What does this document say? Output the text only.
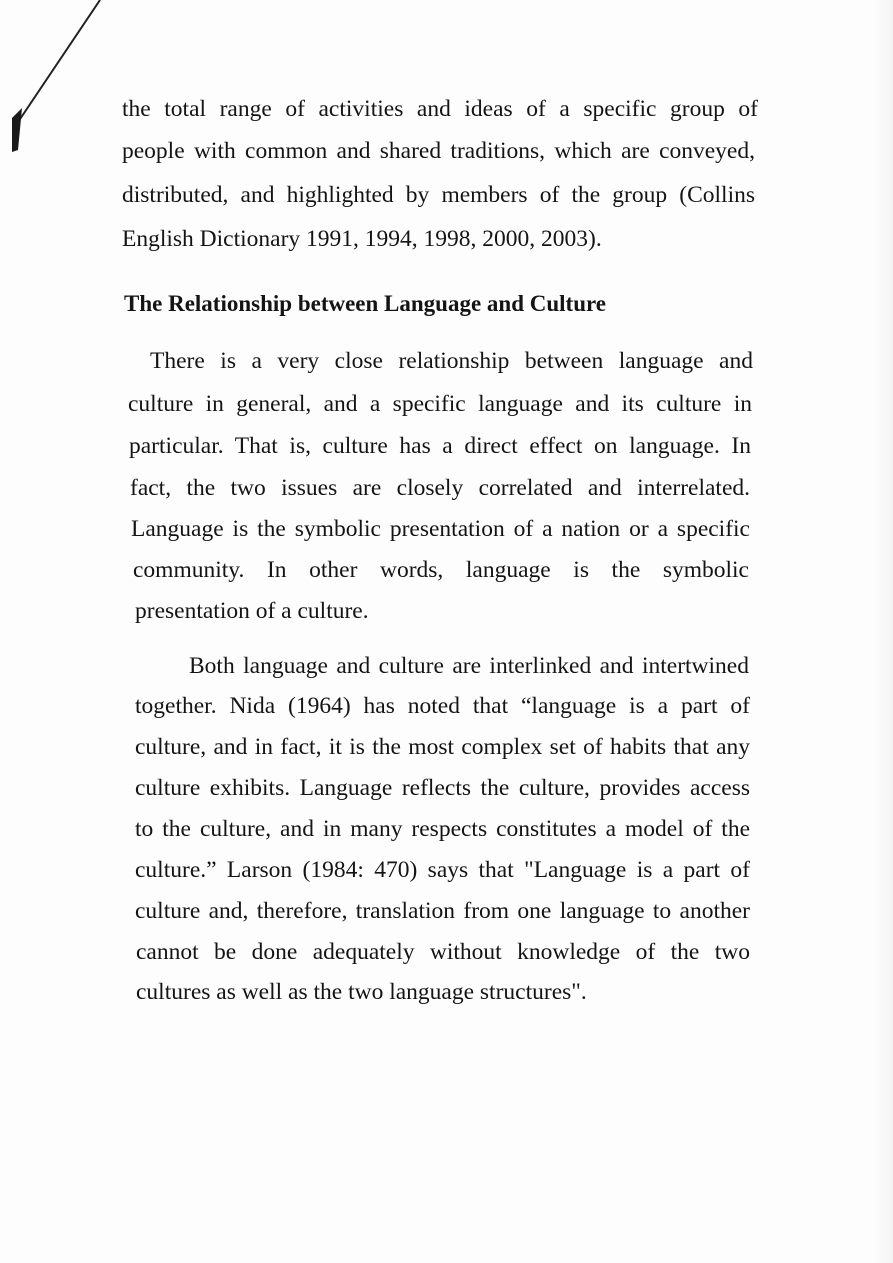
the total range of activities and ideas of a specific group of
people with common and shared traditions, which are conveyed,
distributed, and highlighted by members of the group (Collins
English Dictionary 1991, 1994, 1998, 2000, 2003).
The Relationship between Language and Culture
There is a very close relationship between language and
culture in general, and a specific language and its culture in
particular. That is, culture has a direct effect on language. In
fact, the two issues are closely correlated and interrelated.
Language is the symbolic presentation of a nation or a specific
community. In other words, language is the symbolic
presentation of a culture.
Both language and culture are interlinked and intertwined
together. Nida (1964) has noted that “language is a part of
culture, and in fact, it is the most complex set of habits that any
culture exhibits. Language reflects the culture, provides access
to the culture, and in many respects constitutes a model of the
culture.” Larson (1984: 470) says that "Language is a part of
culture and, therefore, translation from one language to another
cannot be done adequately without knowledge of the two
cultures as well as the two language structures".
